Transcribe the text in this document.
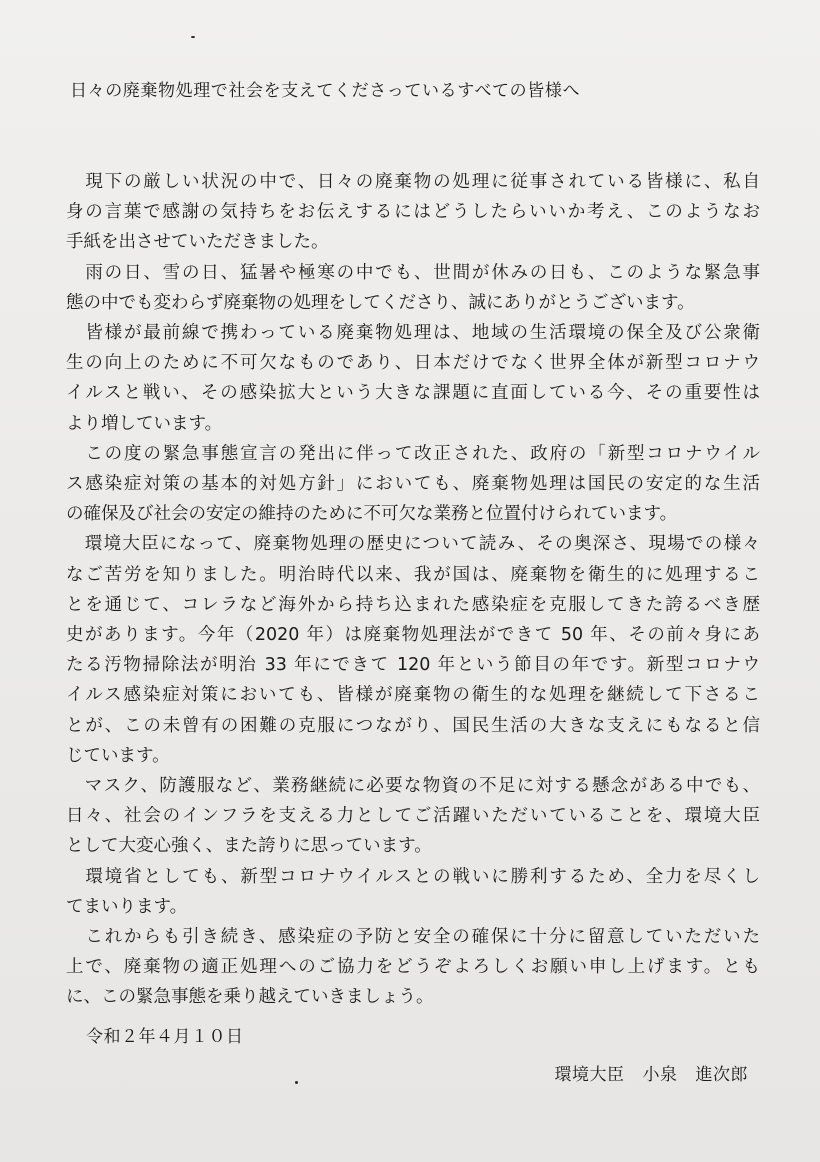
日々の廃棄物処理で社会を支えてくださっているすべての皆様へ

　現下の厳しい状況の中で、日々の廃棄物の処理に従事されている皆様に、私自
身の言葉で感謝の気持ちをお伝えするにはどうしたらいいか考え、このようなお
手紙を出させていただきました。

　雨の日、雪の日、猛暑や極寒の中でも、世間が休みの日も、このような緊急事
態の中でも変わらず廃棄物の処理をしてくださり、誠にありがとうございます。

　皆様が最前線で携わっている廃棄物処理は、地域の生活環境の保全及び公衆衛
生の向上のために不可欠なものであり、日本だけでなく世界全体が新型コロナウ
イルスと戦い、その感染拡大という大きな課題に直面している今、その重要性は
より増しています。

　この度の緊急事態宣言の発出に伴って改正された、政府の「新型コロナウイル
ス感染症対策の基本的対処方針」においても、廃棄物処理は国民の安定的な生活
の確保及び社会の安定の維持のために不可欠な業務と位置付けられています。

　環境大臣になって、廃棄物処理の歴史について読み、その奥深さ、現場での様々
なご苦労を知りました。明治時代以来、我が国は、廃棄物を衛生的に処理するこ
とを通じて、コレラなど海外から持ち込まれた感染症を克服してきた誇るべき歴
史があります。今年（2020 年）は廃棄物処理法ができて 50 年、その前々身にあ
たる汚物掃除法が明治 33 年にできて 120 年という節目の年です。新型コロナウ
イルス感染症対策においても、皆様が廃棄物の衛生的な処理を継続して下さるこ
とが、この未曾有の困難の克服につながり、国民生活の大きな支えにもなると信
じています。

　マスク、防護服など、業務継続に必要な物資の不足に対する懸念がある中でも、
日々、社会のインフラを支える力としてご活躍いただいていることを、環境大臣
として大変心強く、また誇りに思っています。

　環境省としても、新型コロナウイルスとの戦いに勝利するため、全力を尽くし
てまいります。

　これからも引き続き、感染症の予防と安全の確保に十分に留意していただいた
上で、廃棄物の適正処理へのご協力をどうぞよろしくお願い申し上げます。とも
に、この緊急事態を乗り越えていきましょう。

令和２年４月１０日
環境大臣 小泉 進次郎
